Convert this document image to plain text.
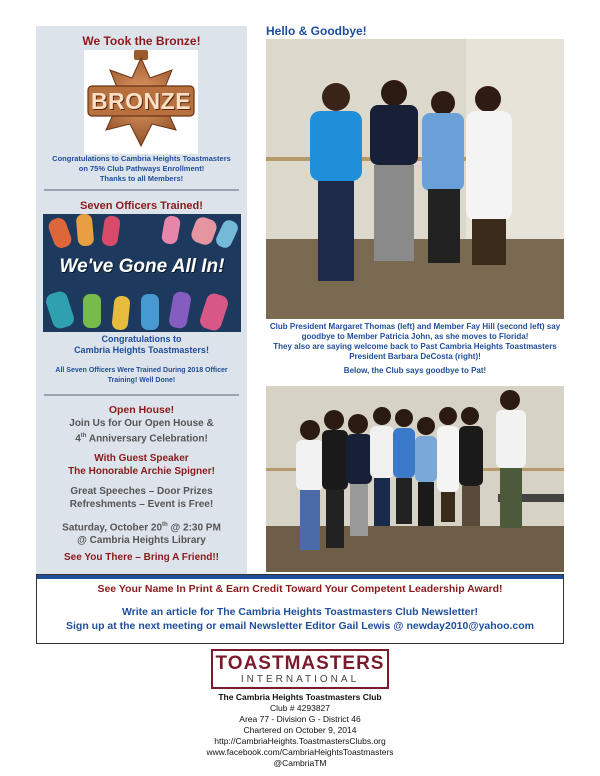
We Took the Bronze!
BRONZE
Congratulations to Cambria Heights Toastmasters
on 75% Club Pathways Enrollment!
Thanks to all Members!
Seven Officers Trained!
We've Gone All In!
Congratulations to
Cambria Heights Toastmasters!
All Seven Officers Were Trained During 2018 Officer
Training! Well Done!
Open House!
Join Us for Our Open House &
4th Anniversary Celebration!
With Guest Speaker
The Honorable Archie Spigner!
Great Speeches – Door Prizes
Refreshments – Event is Free!
Saturday, October 20th @ 2:30 PM
@ Cambria Heights Library
See You There – Bring A Friend!!
Hello & Goodbye!
Club President Margaret Thomas (left) and Member Fay Hill (second left) say
goodbye to Member Patricia John, as she moves to Florida!
They also are saying welcome back to Past Cambria Heights Toastmasters
President Barbara DeCosta (right)!
Below, the Club says goodbye to Pat!
See Your Name In Print & Earn Credit Toward Your Competent Leadership Award!
Write an article for The Cambria Heights Toastmasters Club Newsletter!
Sign up at the next meeting or email Newsletter Editor Gail Lewis @ newday2010@yahoo.com
TOASTMASTERS
INTERNATIONAL
The Cambria Heights Toastmasters Club
Club # 4293827
Area 77 - Division G - District 46
Chartered on October 9, 2014
http://CambriaHeights.ToastmastersClubs.org
www.facebook.com/CambriaHeightsToastmasters
@CambriaTM
